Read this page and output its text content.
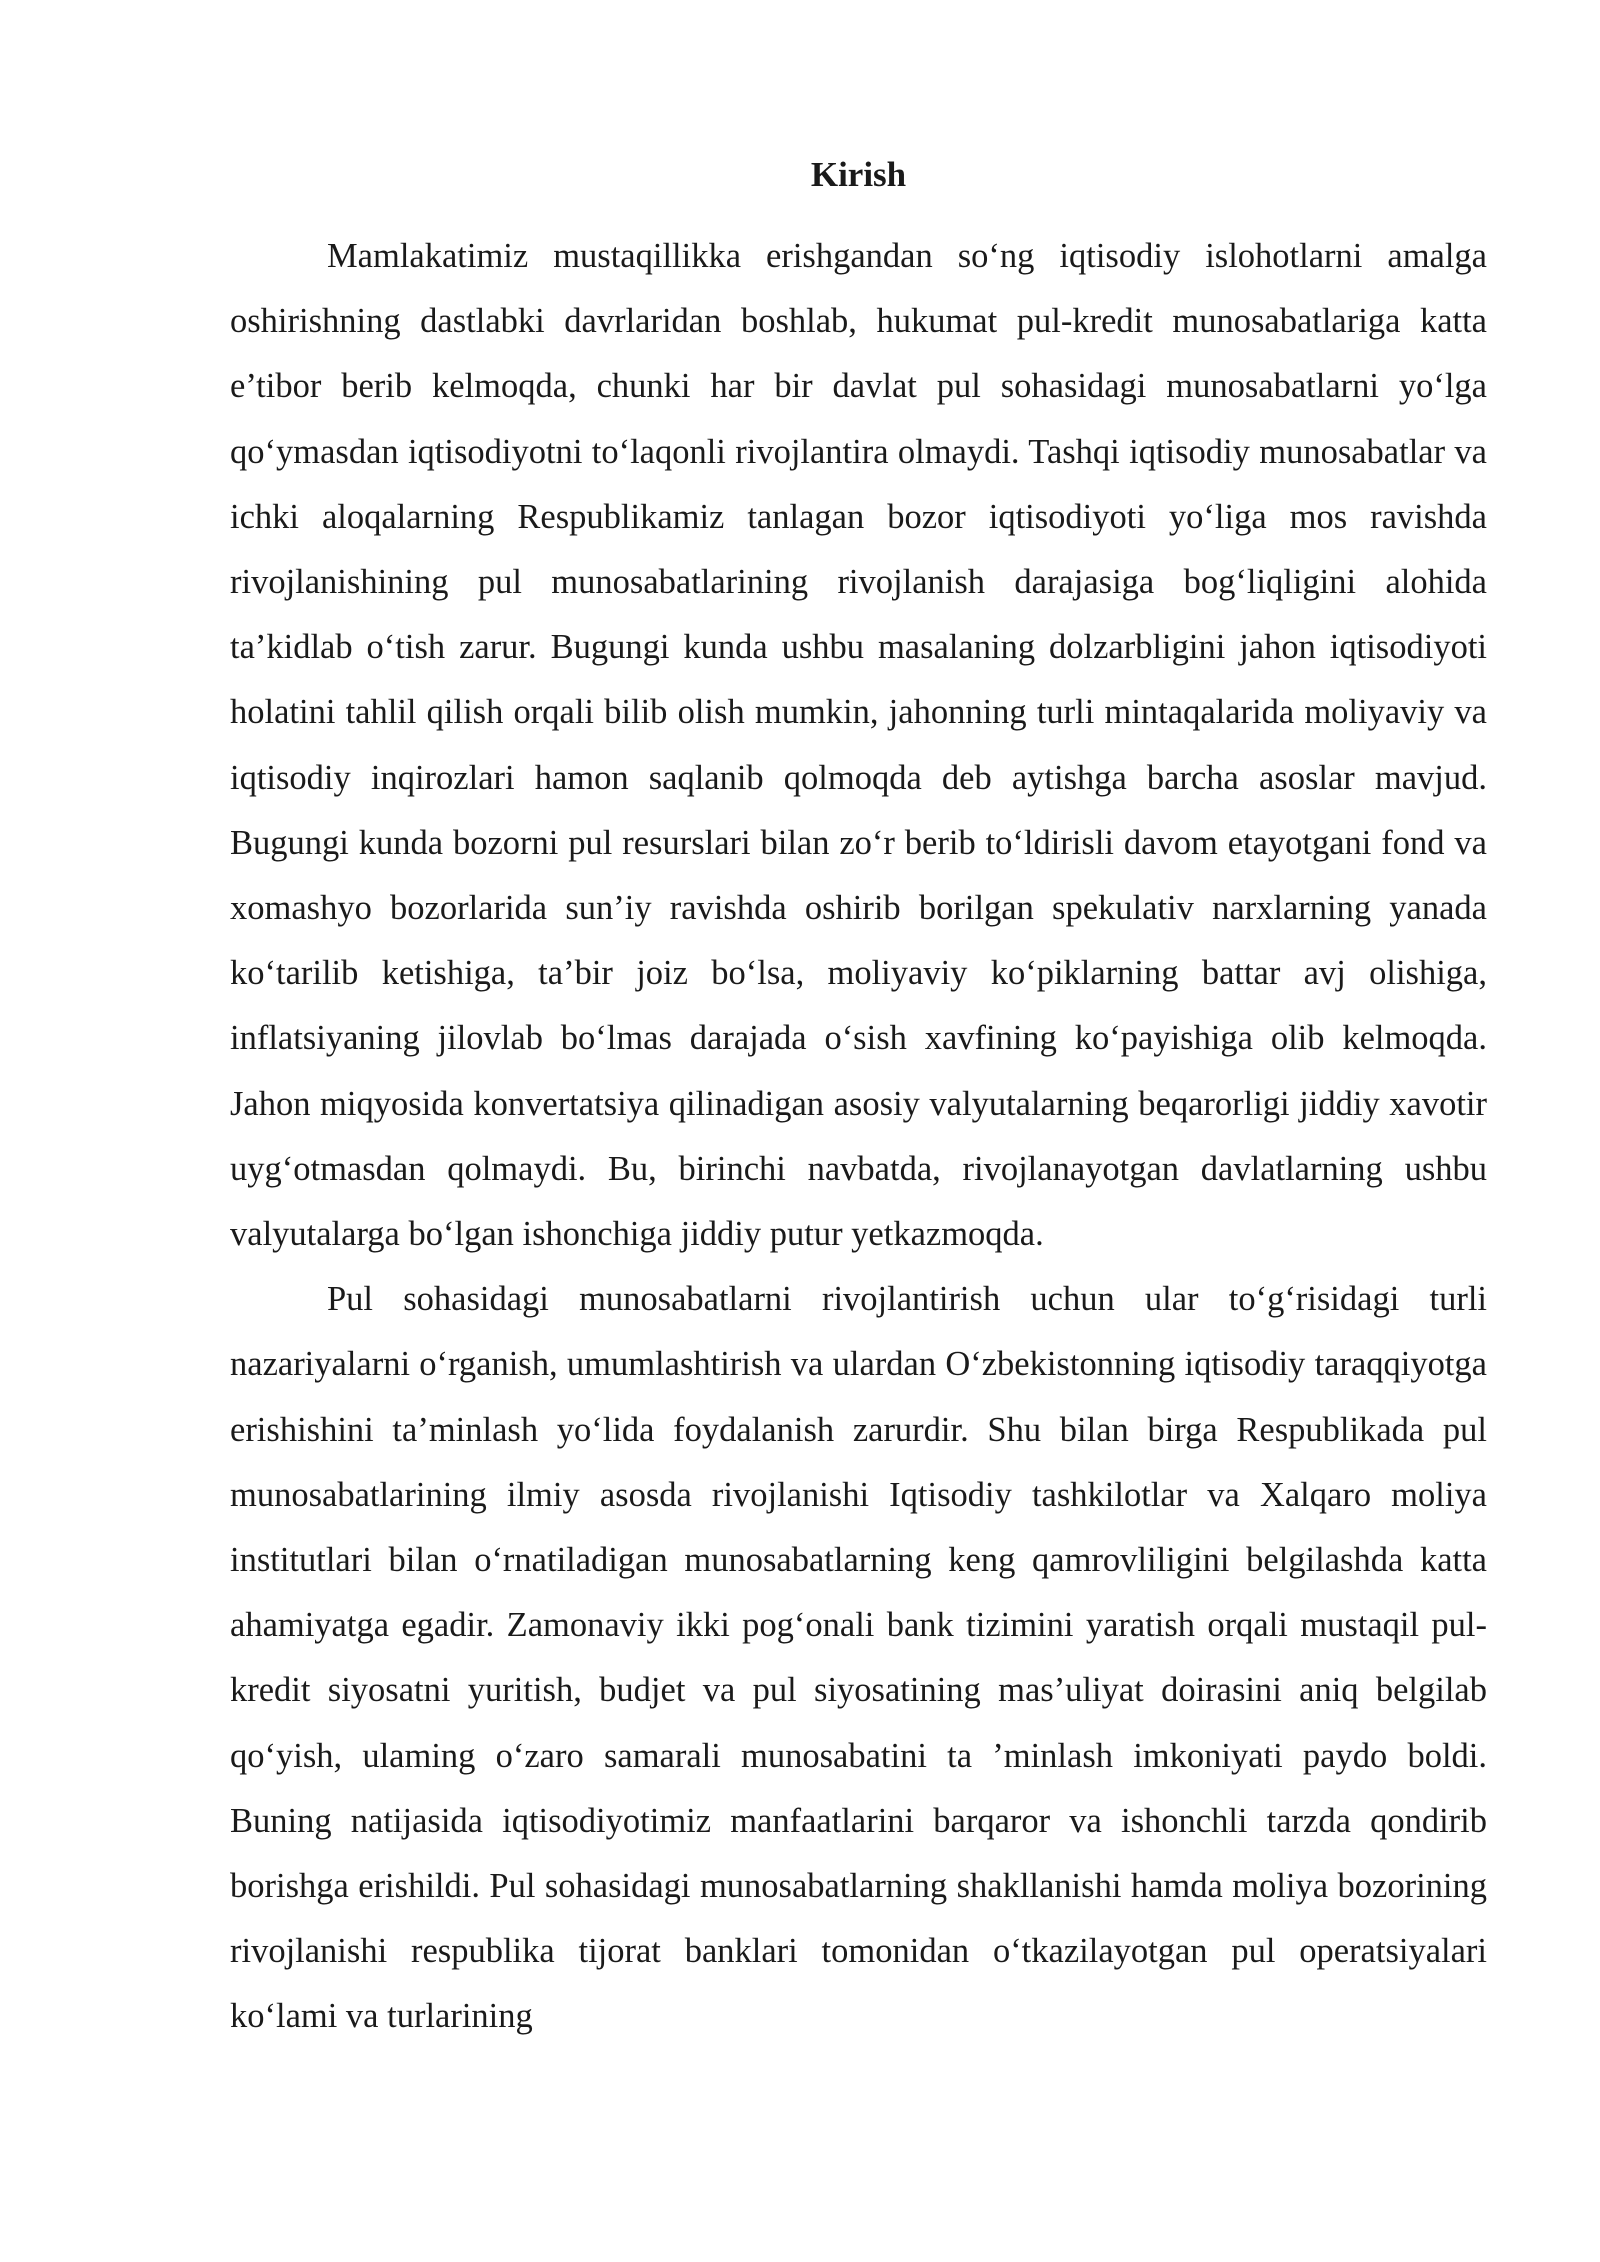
Kirish

Mamlakatimiz mustaqillikka erishgandan so‘ng iqtisodiy islohotlarni amalga oshirishning dastlabki davrlaridan boshlab, hukumat pul-kredit munosabatlariga katta e’tibor berib kelmoqda, chunki har bir davlat pul sohasidagi munosabatlarni yo‘lga qo‘ymasdan iqtisodiyotni to‘laqonli rivojlantira olmaydi. Tashqi iqtisodiy munosabatlar va ichki aloqalarning Respublikamiz tanlagan bozor iqtisodiyoti yo‘liga mos ravishda rivojlanishining pul munosabatlarining rivojlanish darajasiga bog‘liqligini alohida ta’kidlab o‘tish zarur. Bugungi kunda ushbu masalaning dolzarbligini jahon iqtisodiyoti holatini tahlil qilish orqali bilib olish mumkin, jahonning turli mintaqalarida moliyaviy va iqtisodiy inqirozlari hamon saqlanib qolmoqda deb aytishga barcha asoslar mavjud. Bugungi kunda bozorni pul resurslari bilan zo‘r berib to‘ldirisli davom etayotgani fond va xomashyo bozorlarida sun’iy ravishda oshirib borilgan spekulativ narxlarning yanada ko‘tarilib ketishiga, ta’bir joiz bo‘lsa, moliyaviy ko‘piklarning battar avj olishiga, inflatsiyaning jilovlab bo‘lmas darajada o‘sish xavfining ko‘payishiga olib kelmoqda. Jahon miqyosida konvertatsiya qilinadigan asosiy valyutalarning beqarorligi jiddiy xavotir uyg‘otmasdan qolmaydi. Bu, birinchi navbatda, rivojlanayotgan davlatlarning ushbu valyutalarga bo‘lgan ishonchiga jiddiy putur yetkazmoqda.

Pul sohasidagi munosabatlarni rivojlantirish uchun ular to‘g‘risidagi turli nazariyalarni o‘rganish, umumlashtirish va ulardan O‘zbekistonning iqtisodiy taraqqiyotga erishishini ta’minlash yo‘lida foydalanish zarurdir. Shu bilan birga Respublikada pul munosabatlarining ilmiy asosda rivojlanishi Iqtisodiy tashkilotlar va Xalqaro moliya institutlari bilan o‘rnatiladigan munosabatlarning keng qamrovliligini belgilashda katta ahamiyatga egadir. Zamonaviy ikki pog‘onali bank tizimini yaratish orqali mustaqil pul-kredit siyosatni yuritish, budjet va pul siyosatining mas’uliyat doirasini aniq belgilab qo‘yish, ulaming o‘zaro samarali munosabatini ta ’minlash imkoniyati paydo boldi. Buning natijasida iqtisodiyotimiz manfaatlarini barqaror va ishonchli tarzda qondirib borishga erishildi. Pul sohasidagi munosabatlarning shakllanishi hamda moliya bozorining rivojlanishi respublika tijorat banklari tomonidan o‘tkazilayotgan pul operatsiyalari ko‘lami va turlarining
